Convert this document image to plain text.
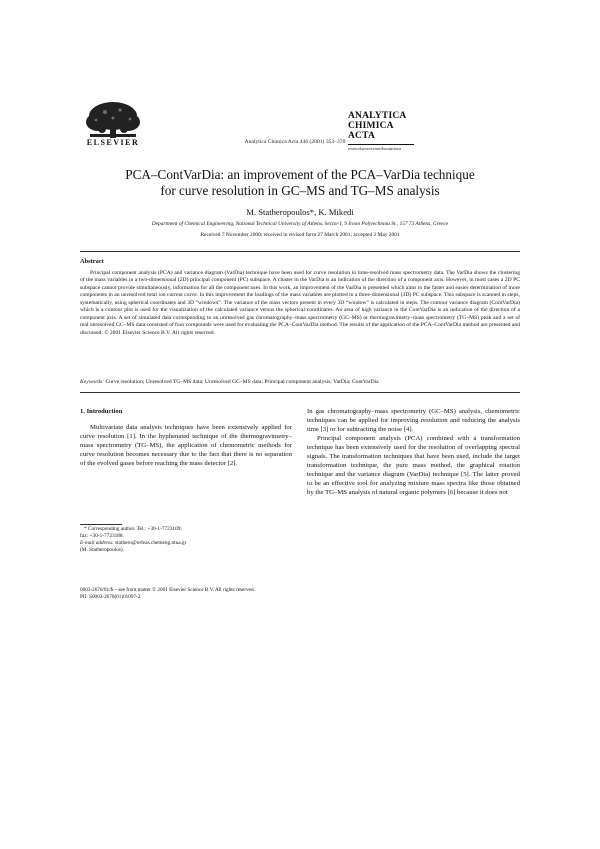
ELSEVIER	Analytica Chimica Acta 446 (2001) 353–370
ANALYTICA
CHIMICA
ACTA
www.elsevier.com/locate/aca
PCA–ContVarDia: an improvement of the PCA–VarDia technique
for curve resolution in GC–MS and TG–MS analysis
M. Statheropoulos*, K. Mikedi
Department of Chemical Engineering, National Technical University of Athens, Sector I, 9 Iroon Polytechniou St., 157 73 Athens, Greece
Received 7 November 2000; received in revised form 27 March 2001; accepted 2 May 2001
Abstract
Principal component analysis (PCA) and variance diagram (VarDia) technique have been used for curve resolution in time-resolved mass spectrometry data. The VarDia shows the clustering of the mass variables in a two-dimensional (2D) principal component (PC) subspace. A cluster in the VarDia is an indication of the direction of a component axis. However, in most cases a 2D PC subspace cannot provide simultaneously, information for all the component axes. In this work, an improvement of the VarDia is presented which aims to the faster and easier determination of more components in an unresolved total ion current curve. In this improvement the loadings of the mass variables are plotted in a three-dimensional (3D) PC subspace. This subspace is scanned in steps, systematically, using spherical coordinates and 3D “windows”. The variance of the mass vectors present in every 3D “window” is calculated in steps. The contour variance diagram (ContVarDia) which is a contour plot is used for the visualization of the calculated variance versus the spherical coordinates. An area of high variance in the ContVarDia is an indication of the direction of a component axis. A set of simulated data corresponding to an unresolved gas chromatography–mass spectrometry (GC–MS) or thermogravimetry–mass spectrometry (TG–MS) peak and a set of real unresolved GC–MS data consisted of four compounds were used for evaluating the PCA–ContVarDia method. The results of the application of the PCA–ContVarDia method are presented and discussed. © 2001 Elsevier Science B.V. All rights reserved.
Keywords: Curve resolution; Unresolved TG–MS data; Unresolved GC–MS data; Principal component analysis; VarDia; ContVarDia
1. Introduction

Multivariate data analysis techniques have been extensively applied for curve resolution [1]. In the hyphenated technique of the thermogravimetry–mass spectrometry (TG–MS), the application of chemometric methods for curve resolution becomes necessary due to the fact that there is no separation of the evolved gases before reaching the mass detector [2].

In gas chromatography–mass spectrometry (GC–MS) analysis, chemometric techniques can be applied for improving resolution and reducing the analysis time [3] or for subtracting the noise [4].

Principal component analysis (PCA) combined with a transformation technique has been extensively used for the resolution of overlapping spectral signals. The transformation techniques that have been used, include the target transformation technique, the pure mass method, the graphical rotation technique and the variance diagram (VarDia) technique [5]. The latter proved to be an effective tool for analyzing mixture mass spectra like those obtained by the TG–MS analysis of natural organic polymers [6] because it does not

* Corresponding author. Tel.: +30-1-7723109;
fax: +30-1-7723188.
E-mail address: stathero@orfeas.chemeng.ntua.gr
(M. Statheropoulos).
0003-2670/01/$ – see front matter © 2001 Elsevier Science B.V. All rights reserved.
PII: S0003-2670(01)01097-2
